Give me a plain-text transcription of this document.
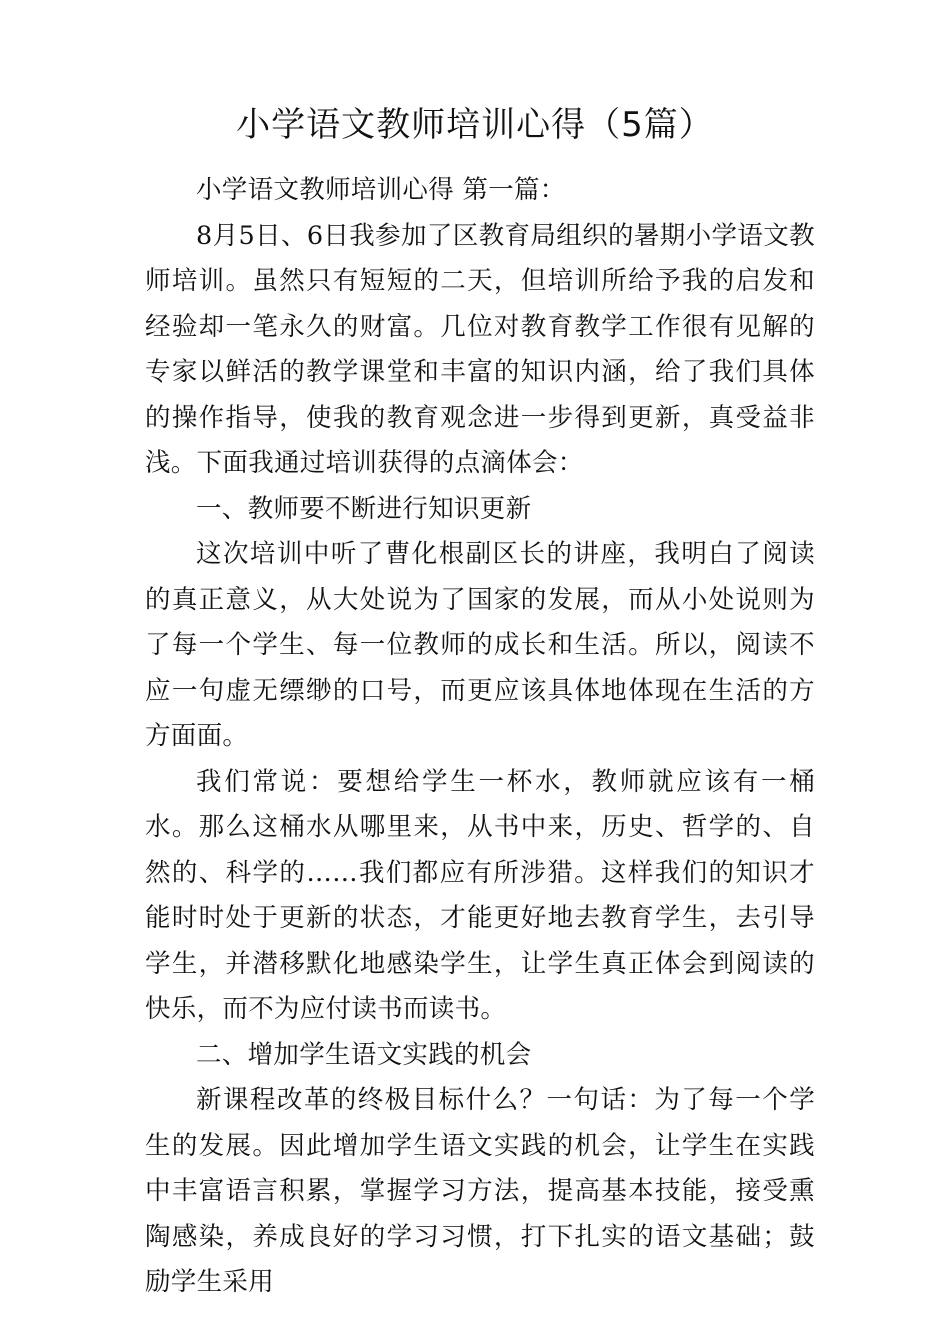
小学语文教师培训心得（5篇）

小学语文教师培训心得 第一篇：

8月5日、6日我参加了区教育局组织的暑期小学语文教师培训。虽然只有短短的二天，但培训所给予我的启发和经验却一笔永久的财富。几位对教育教学工作很有见解的专家以鲜活的教学课堂和丰富的知识内涵，给了我们具体的操作指导，使我的教育观念进一步得到更新，真受益非浅。下面我通过培训获得的点滴体会：

一、教师要不断进行知识更新

这次培训中听了曹化根副区长的讲座，我明白了阅读的真正意义，从大处说为了国家的发展，而从小处说则为了每一个学生、每一位教师的成长和生活。所以，阅读不应一句虚无缥缈的口号，而更应该具体地体现在生活的方方面面。

我们常说：要想给学生一杯水，教师就应该有一桶水。那么这桶水从哪里来，从书中来，历史、哲学的、自然的、科学的……我们都应有所涉猎。这样我们的知识才能时时处于更新的状态，才能更好地去教育学生，去引导学生，并潜移默化地感染学生，让学生真正体会到阅读的快乐，而不为应付读书而读书。

二、增加学生语文实践的机会

新课程改革的终极目标什么？一句话：为了每一个学生的发展。因此增加学生语文实践的机会，让学生在实践中丰富语言积累，掌握学习方法，提高基本技能，接受熏陶感染，养成良好的学习习惯，打下扎实的语文基础；鼓励学生采用
